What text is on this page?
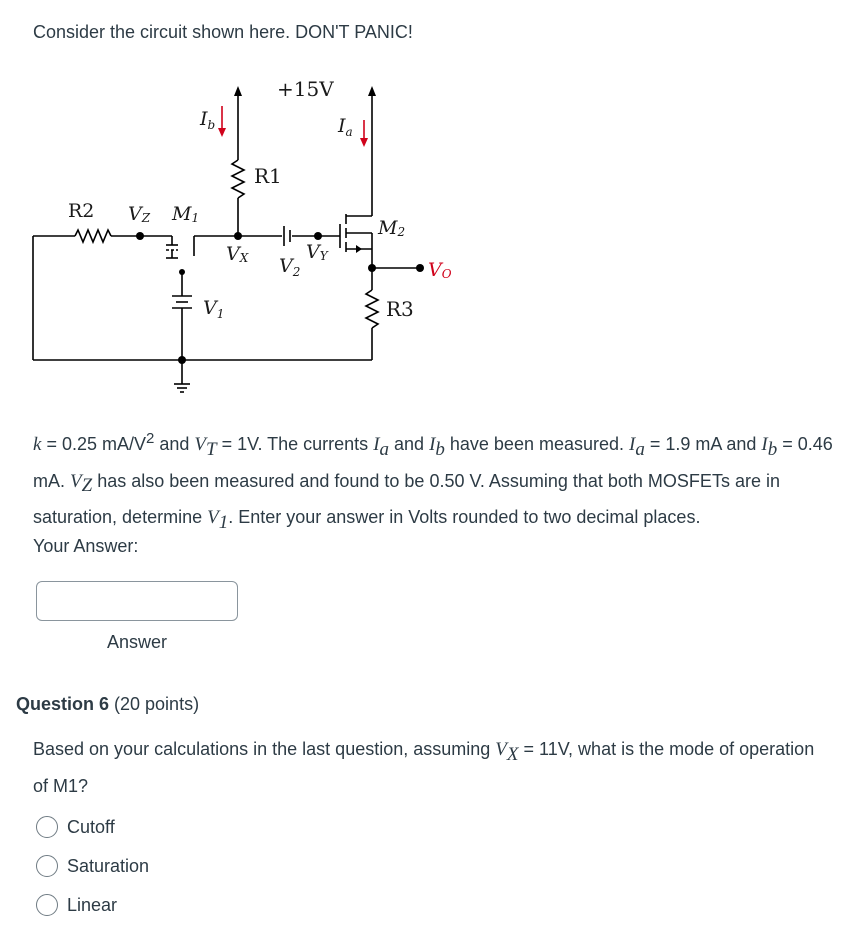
Consider the circuit shown here. DON'T PANIC!
+15V
R1
R2
R3
$I_b$	$I_a$
VZ M1	M2
VX	VY
$V_2$
$V_1$
VO
k = 0.25 $mA/V^2$ and $V_T = 1V$. The currents $I_a$ and $I_b$ have been measured. $I_a = 1.9$ mA and $I_b = 0.46$ mA. $V_Z$ has also been measured and found to be 0.50 V. Assuming that both MOSFETs are in saturation, determine $V_1$. Enter your answer in Volts rounded to two decimal places.
Your Answer:
Answer
Question 6 (20 points)
Based on your calculations in the last question, assuming $V_X = 11V$, what is the mode of operation of M1?
Cutoff
Saturation
Linear
